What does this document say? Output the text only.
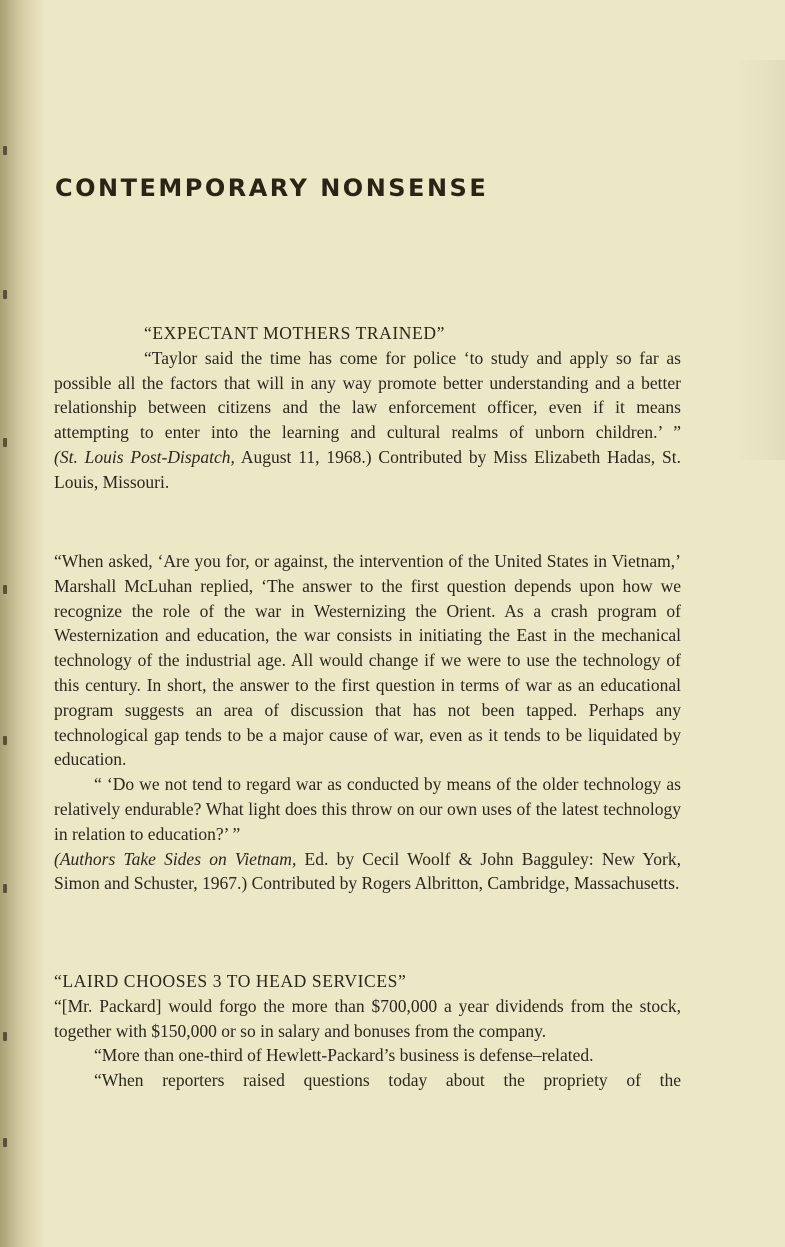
CONTEMPORARY NONSENSE

“EXPECTANT MOTHERS TRAINED”

“Taylor said the time has come for police ‘to study and apply so far as possible all the factors that will in any way promote better understanding and a better relationship between citizens and the law enforcement officer, even if it means attempting to enter into the learning and cultural realms of unborn children.’ ”

(St. Louis Post-Dispatch, August 11, 1968.) Contributed by Miss Elizabeth Hadas, St. Louis, Missouri.

“When asked, ‘Are you for, or against, the intervention of the United States in Vietnam,’ Marshall McLuhan replied, ‘The answer to the first question depends upon how we recognize the role of the war in Westernizing the Orient. As a crash program of Westernization and education, the war consists in initiating the East in the mechanical technology of the industrial age. All would change if we were to use the technology of this century. In short, the answer to the first question in terms of war as an educational program suggests an area of discussion that has not been tapped. Perhaps any technological gap tends to be a major cause of war, even as it tends to be liquidated by education.

“ ‘Do we not tend to regard war as conducted by means of the older technology as relatively endurable? What light does this throw on our own uses of the latest technology in relation to education?’ ”

(Authors Take Sides on Vietnam, Ed. by Cecil Woolf & John Bagguley: New York, Simon and Schuster, 1967.) Contributed by Rogers Albritton, Cambridge, Massachusetts.

“LAIRD CHOOSES 3 TO HEAD SERVICES”

“[Mr. Packard] would forgo the more than $700,000 a year dividends from the stock, together with $150,000 or so in salary and bonuses from the company.

“More than one-third of Hewlett-Packard’s business is defense–related.

“When reporters raised questions today about the propriety of the
